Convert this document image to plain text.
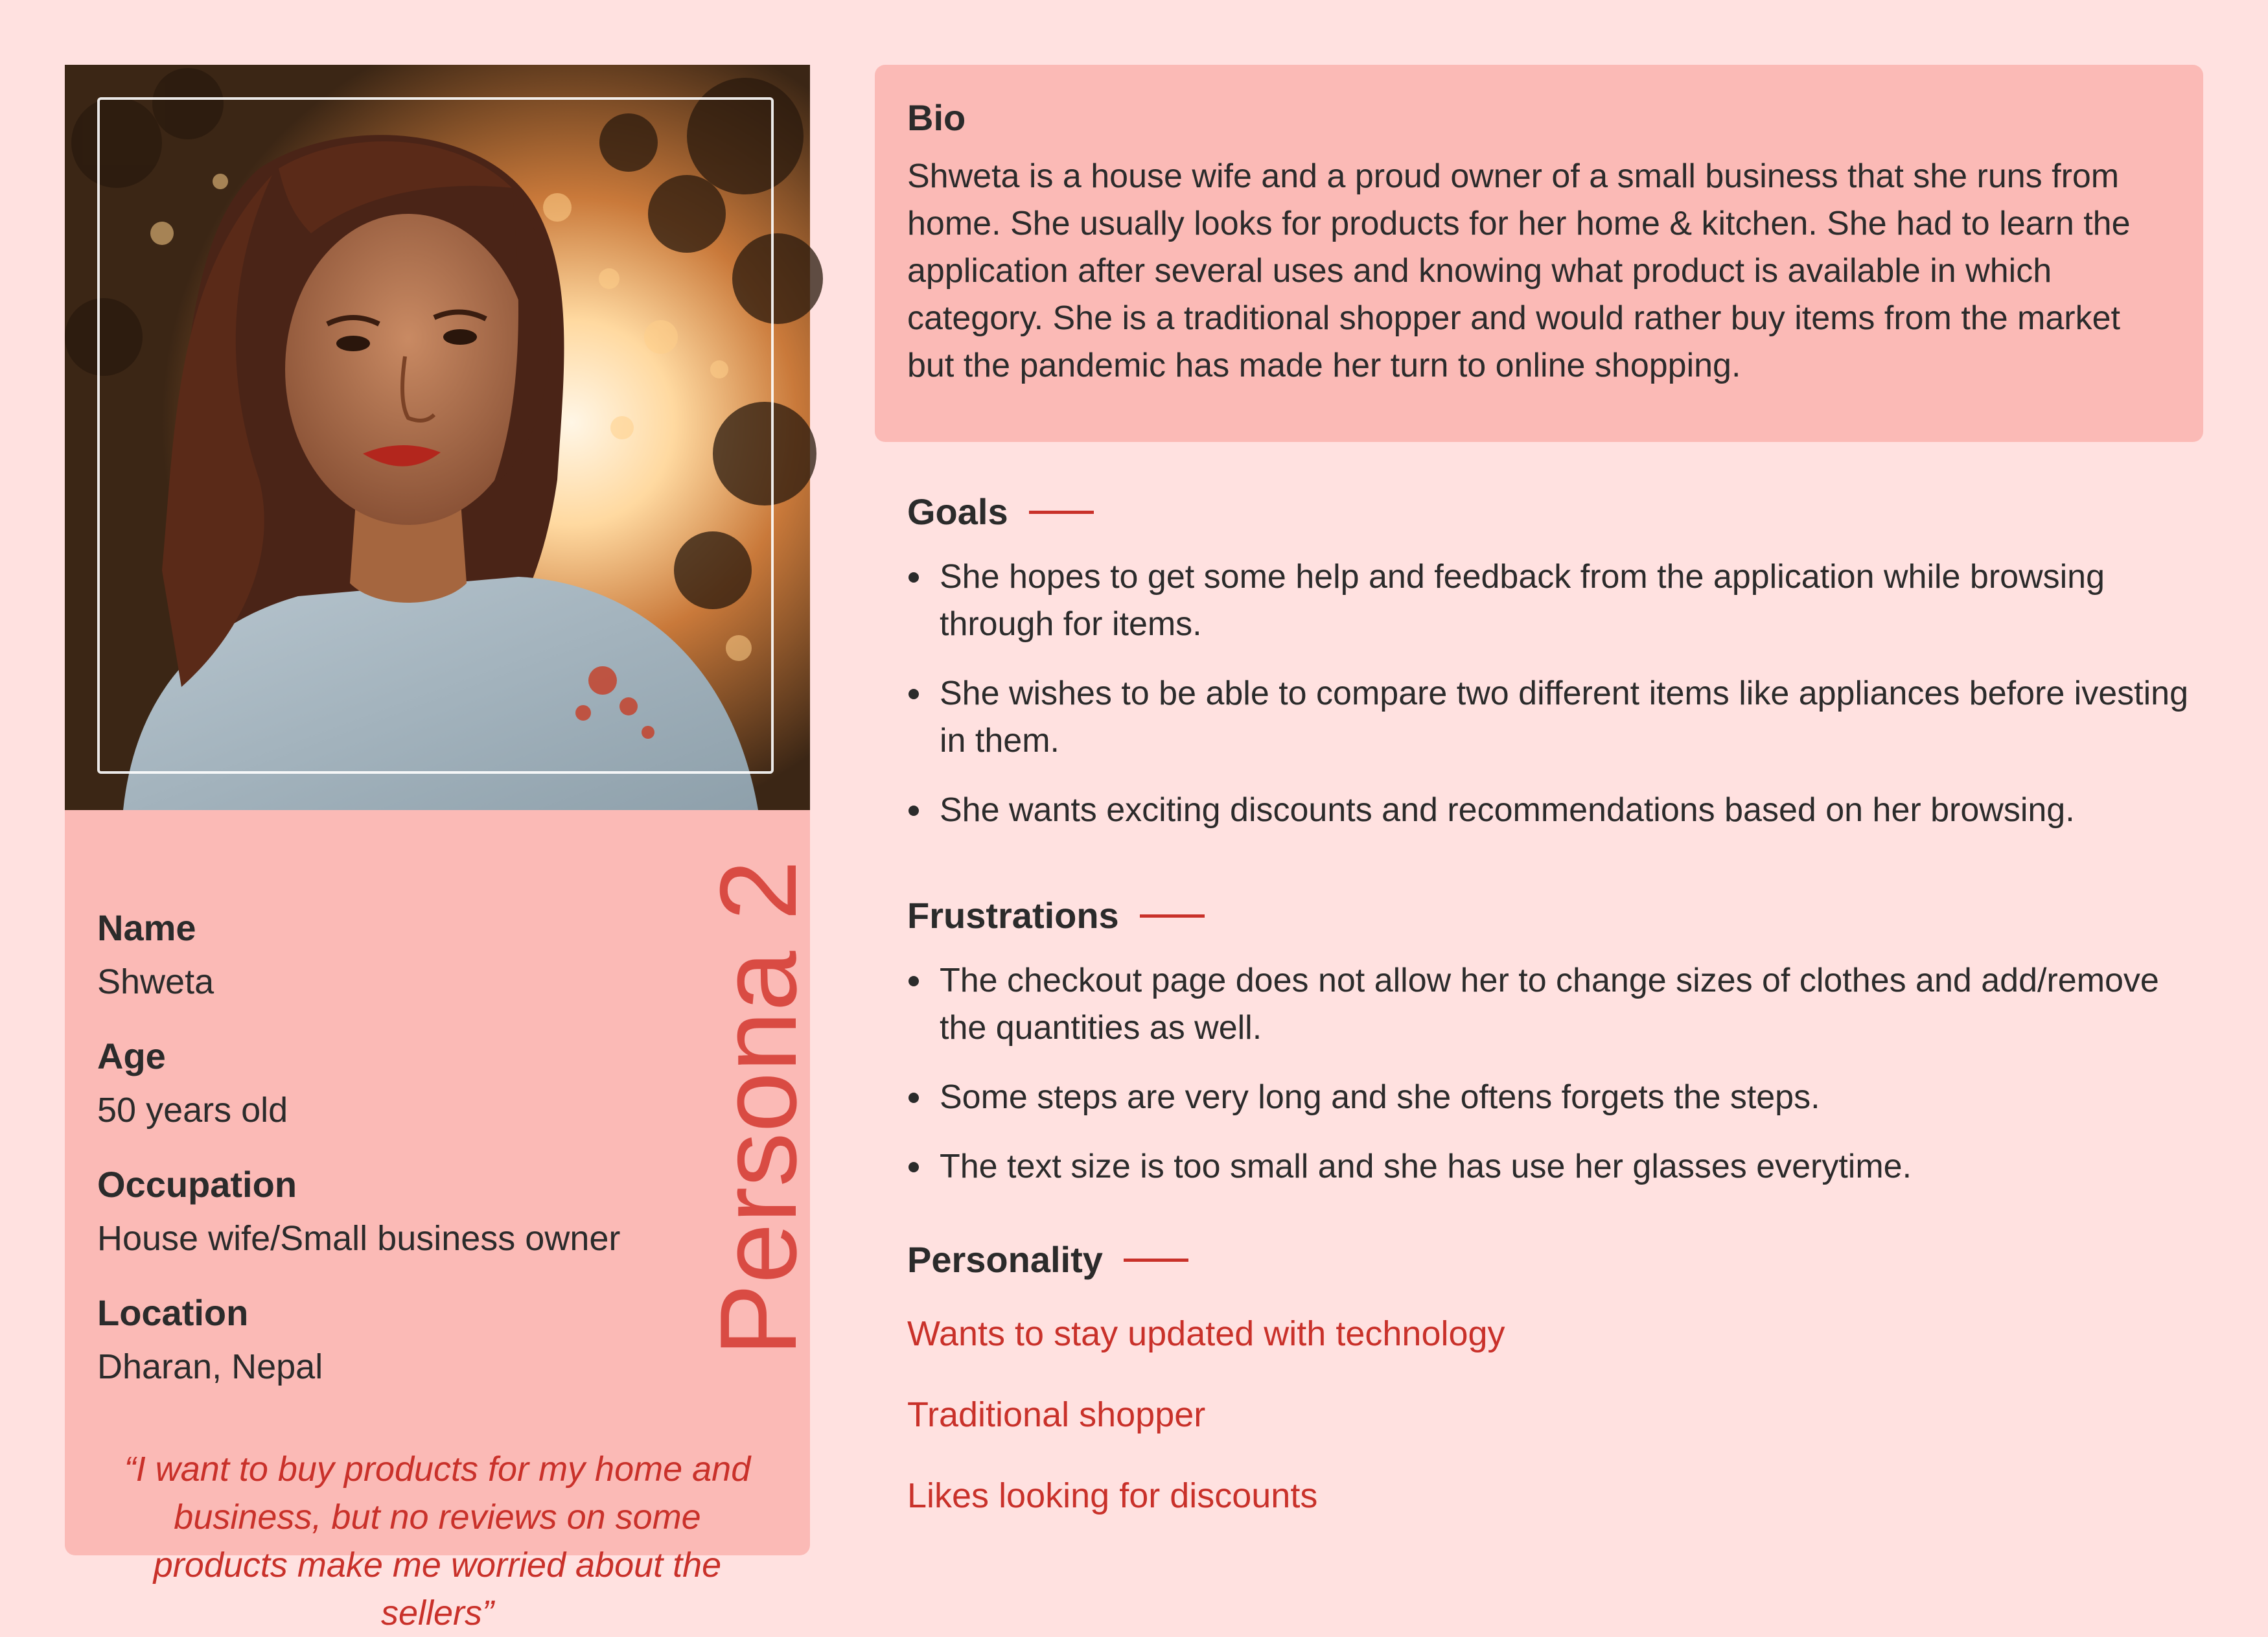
Name
Shweta
Age
50 years old
Occupation
House wife/Small business owner
Location
Dharan, Nepal
Persona 2
“I want to buy products for my home and business, but no reviews on some products make me worried about the sellers”
Bio
Shweta is a house wife and a proud owner of a small business that she runs from home. She usually looks for products for her home & kitchen. She had to learn the application after several uses and knowing what product is available in which category. She is a traditional shopper and would rather buy items from the market but the pandemic has made her turn to online shopping.
Goals
She hopes to get some help and feedback from the application while browsing through for items.
She wishes to be able to compare two different items like appliances before ivesting in them.
She wants exciting discounts and recommendations based on her browsing.
Frustrations
The checkout page does not allow her to change sizes of clothes and add/remove the quantities as well.
Some steps are very long and she oftens forgets the steps.
The text size is too small and she has use her glasses everytime.
Personality
Wants to stay updated with technology
Traditional shopper
Likes looking for discounts
